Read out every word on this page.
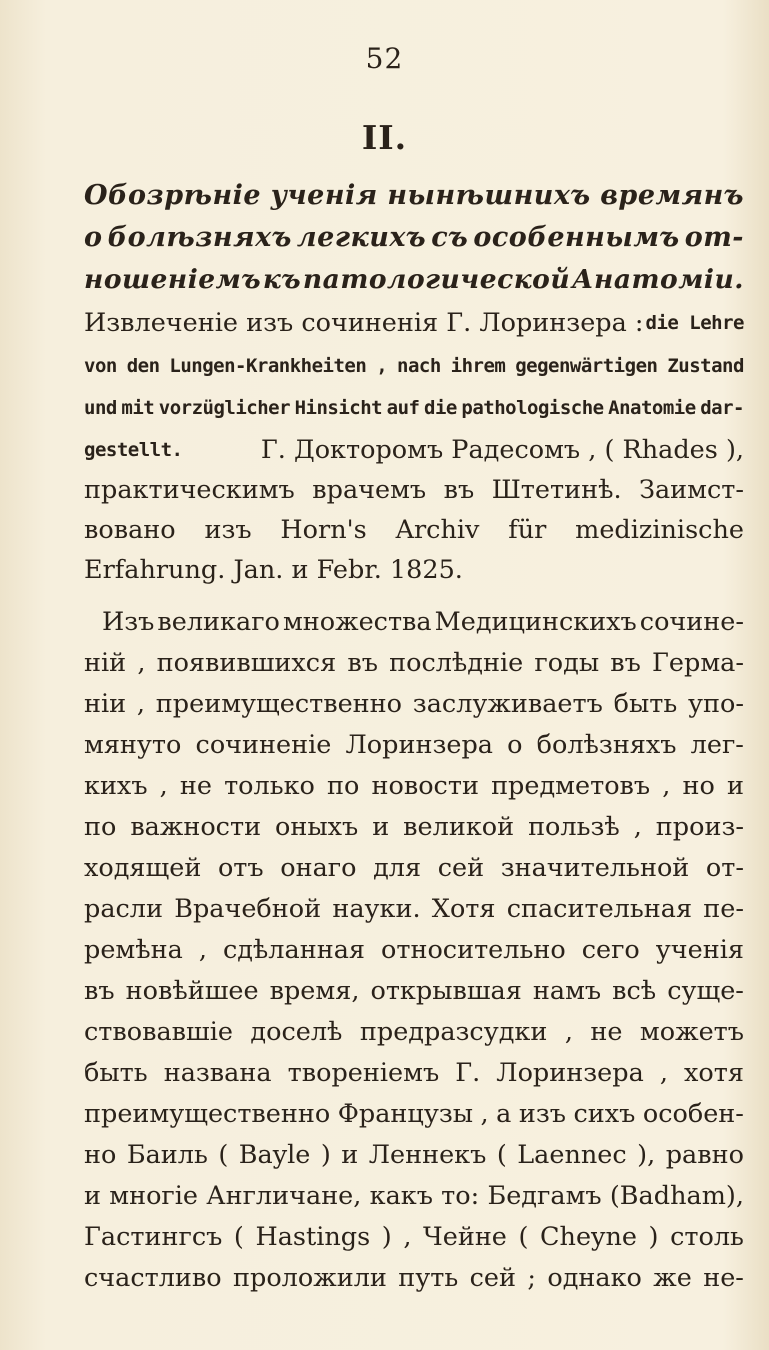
52
II.
Обозрѣніе ученія нынѣшнихъ времянъ
о болѣзняхъ легкихъ съ особеннымъ от-
ношеніемъ къ патологической Анатоміи.
Извлеченіе изъ сочиненія Г. Лоринзера : die Lehre
von den Lungen-Krankheiten , nach ihrem gegenwärtigen Zustand
und mit vorzüglicher Hinsicht auf die pathologische Anatomie dar-
gestellt.	Г. Докторомъ Радесомъ , ( Rhades ),
практическимъ врачемъ въ Штетинѣ. Заимст-
вовано изъ Horn's Archiv für medizinische
Erfahrung. Jan. и Febr. 1825.
Изъ великаго множества Медицинскихъ сочине-
ній , появившихся въ послѣдніе годы въ Герма-
ніи , преимущественно заслуживаетъ быть упо-
мянуто сочиненіе Лоринзера о болѣзняхъ лег-
кихъ , не только по новости предметовъ , но и
по важности оныхъ и великой пользѣ , произ-
ходящей отъ онаго для сей значительной от-
расли Врачебной науки. Хотя спасительная пе-
ремѣна , сдѣланная относительно сего ученія
въ новѣйшее время, открывшая намъ всѣ суще-
ствовавшіе доселѣ предразсудки , не можетъ
быть названа твореніемъ Г. Лоринзера , хотя
преимущественно Французы , а изъ сихъ особен-
но Баиль ( Bayle ) и Леннекъ ( Laennec ), равно
и многіе Англичане, какъ то: Бедгамъ (Badham),
Гастингсъ ( Hastings ) , Чейне ( Cheyne ) столь
счастливо проложили путь сей ; однако же не-
